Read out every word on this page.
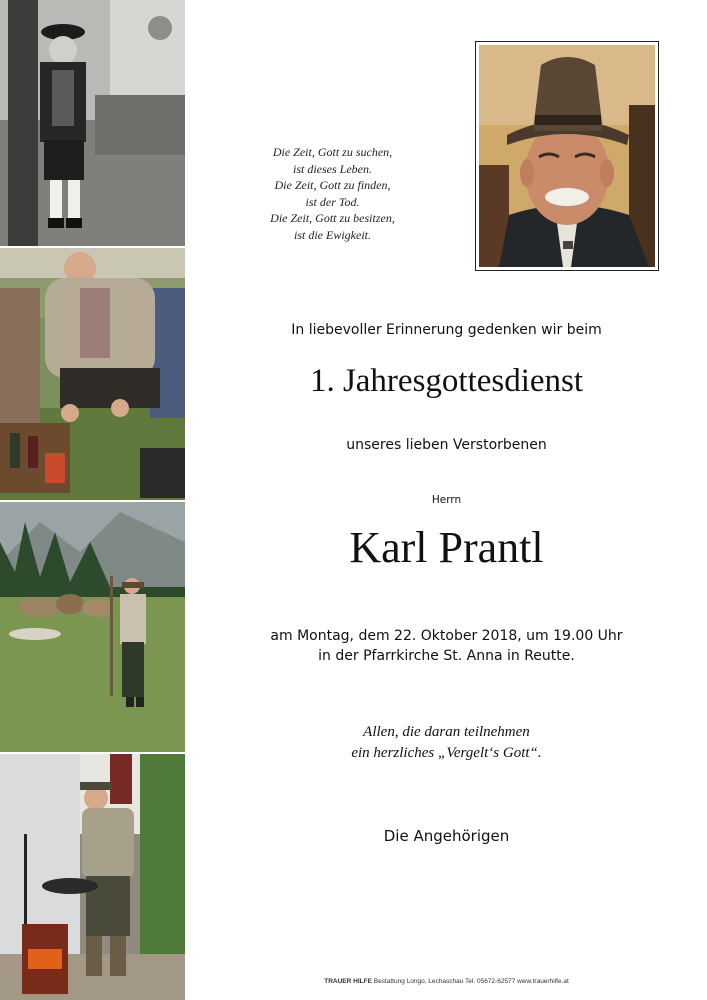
Die Zeit, Gott zu suchen,
ist dieses Leben.
Die Zeit, Gott zu finden,
ist der Tod.
Die Zeit, Gott zu besitzen,
ist die Ewigkeit.
In liebevoller Erinnerung gedenken wir beim
1. Jahresgottesdienst
unseres lieben Verstorbenen
Herrn
Karl Prantl
am Montag, dem 22. Oktober 2018, um 19.00 Uhr
in der Pfarrkirche St. Anna in Reutte.
Allen, die daran teilnehmen
ein herzliches „Vergelt‘s Gott“.
Die Angehörigen
TRAUER HILFE Bestattung Longo, Lechaschau Tel. 05672-62577 www.trauerhilfe.at
